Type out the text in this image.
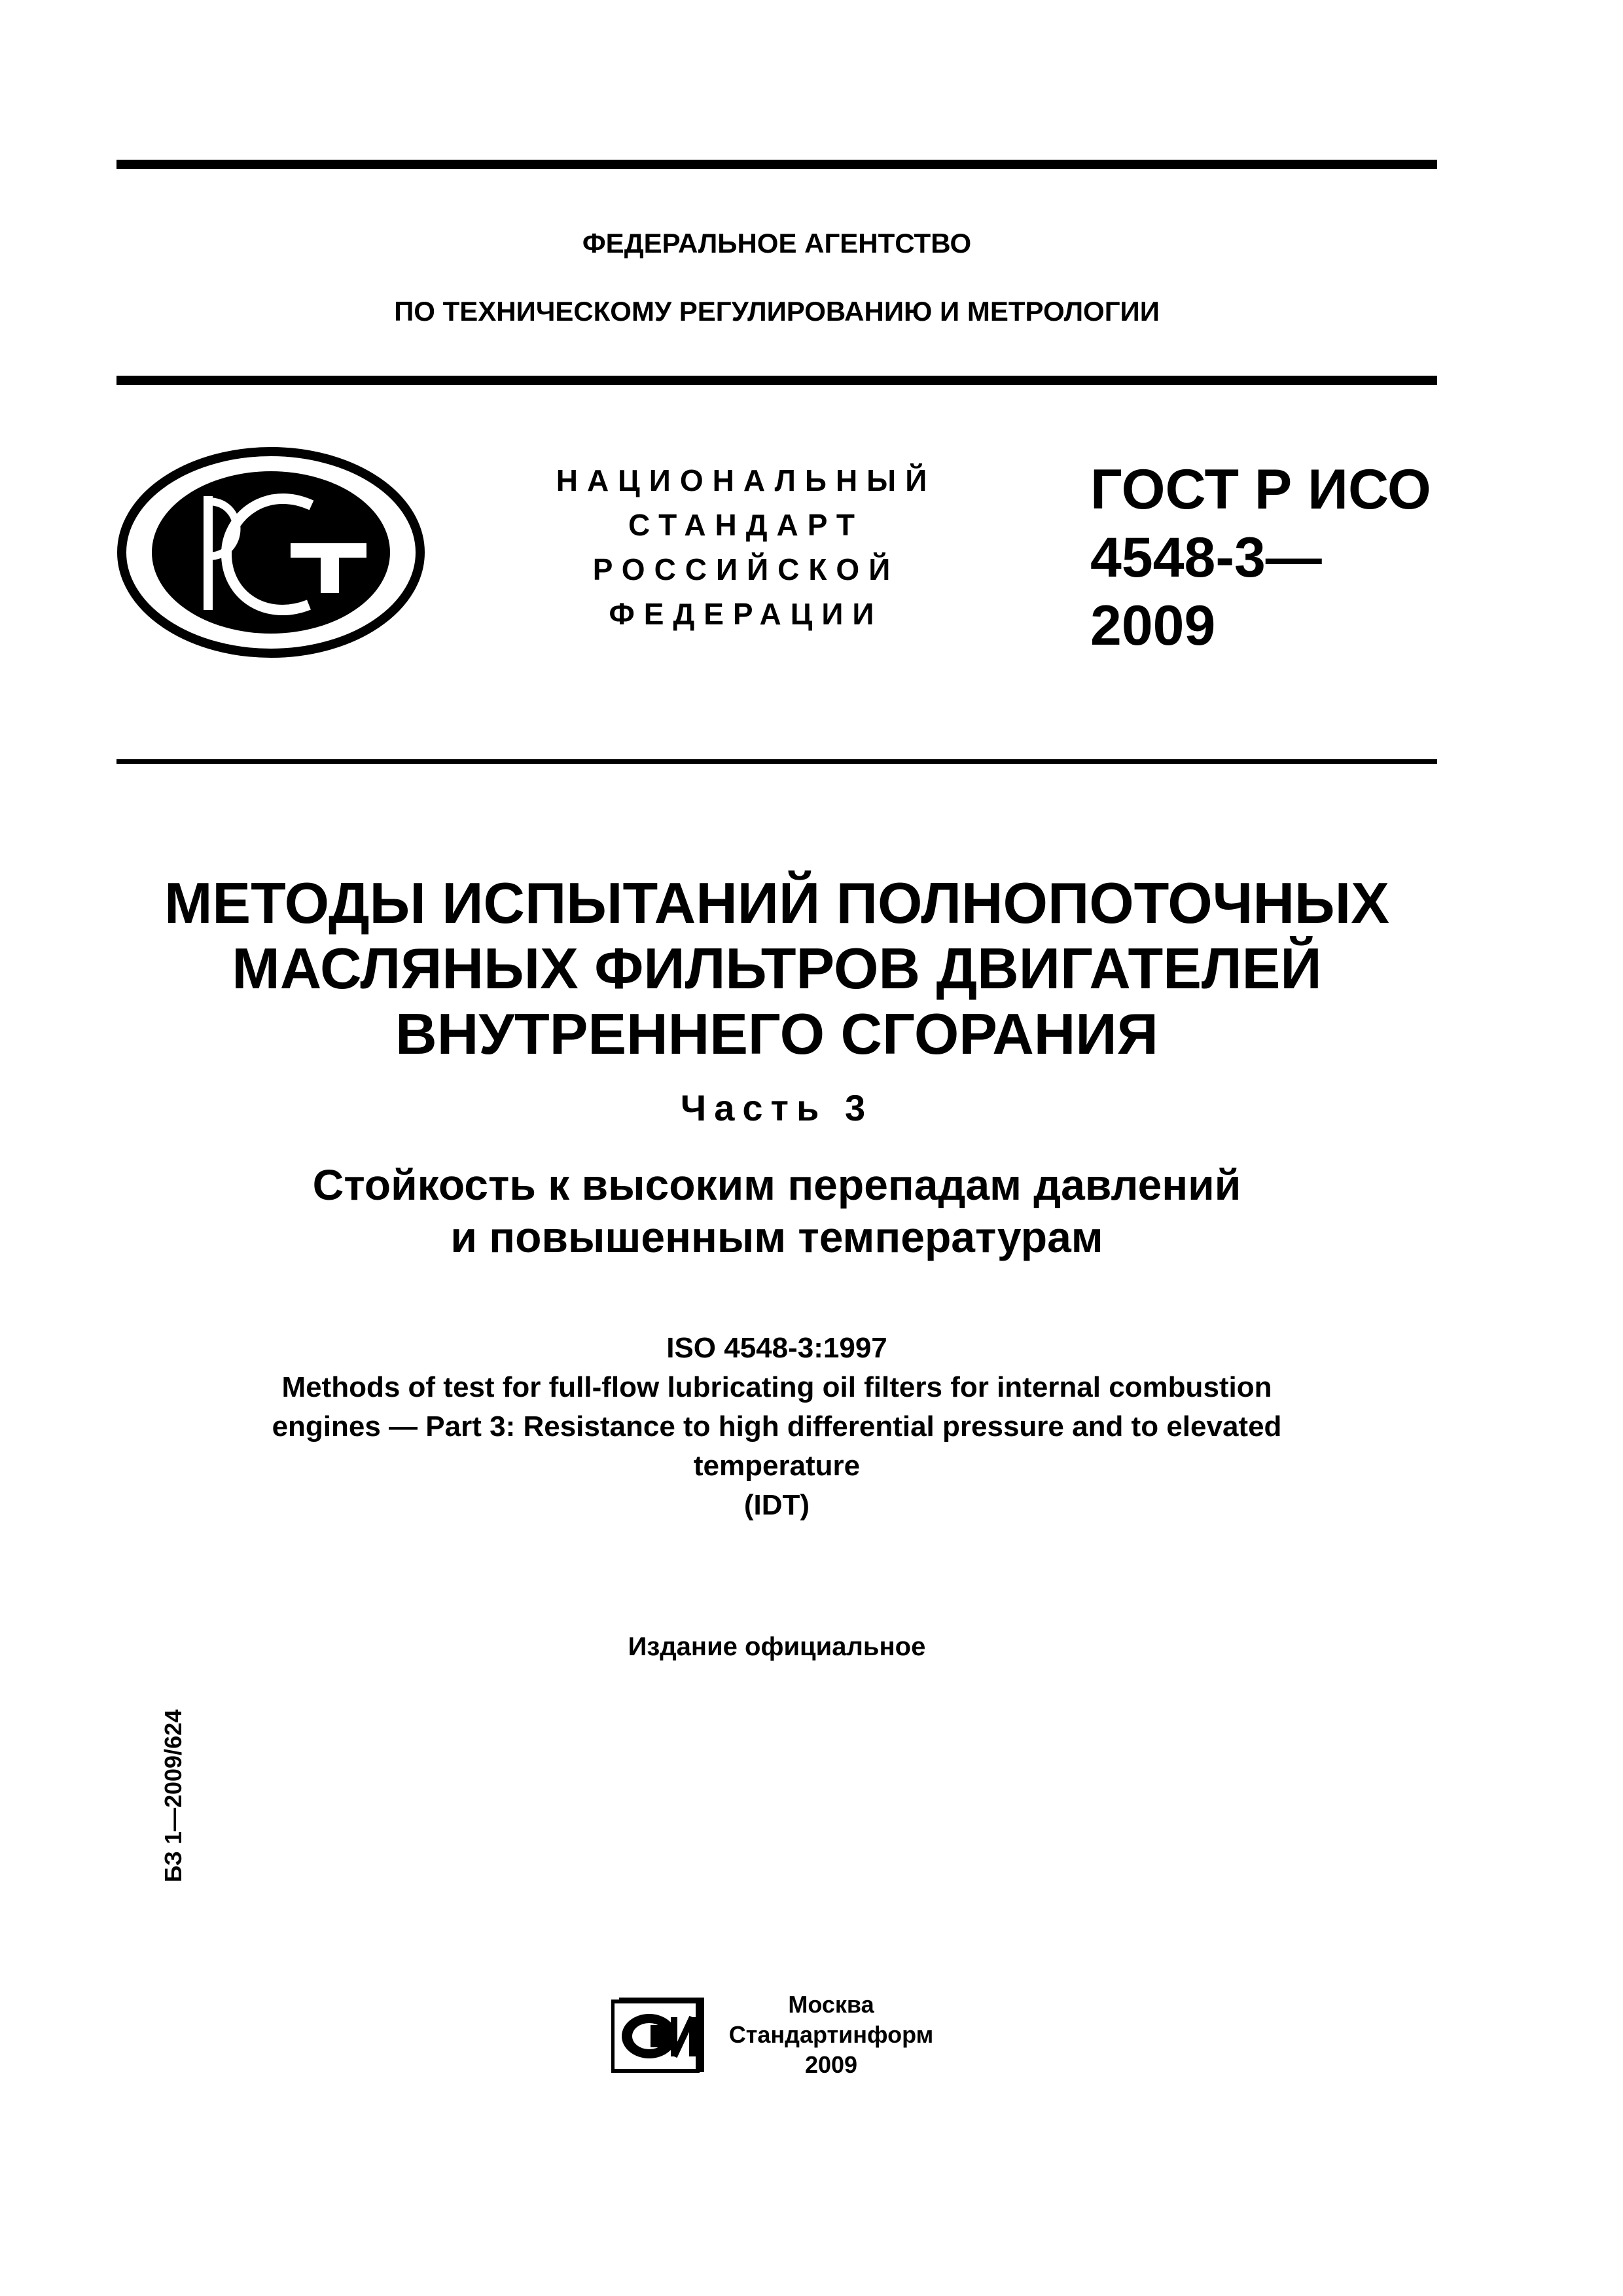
ФЕДЕРАЛЬНОЕ АГЕНТСТВО
ПО ТЕХНИЧЕСКОМУ РЕГУЛИРОВАНИЮ И МЕТРОЛОГИИ
РСТ
НАЦИОНАЛЬНЫЙ
СТАНДАРТ
РОССИЙСКОЙ
ФЕДЕРАЦИИ
ГОСТ Р ИСО
4548-3—
2009
МЕТОДЫ ИСПЫТАНИЙ ПОЛНОПОТОЧНЫХ
МАСЛЯНЫХ ФИЛЬТРОВ ДВИГАТЕЛЕЙ
ВНУТРЕННЕГО СГОРАНИЯ
Часть 3
Стойкость к высоким перепадам давлений
и повышенным температурам
ISO 4548-3:1997
Methods of test for full-flow lubricating oil filters for internal combustion
engines — Part 3: Resistance to high differential pressure and to elevated
temperature
(IDT)
Издание официальное
БЗ 1—2009/624
Москва
Стандартинформ
2009
